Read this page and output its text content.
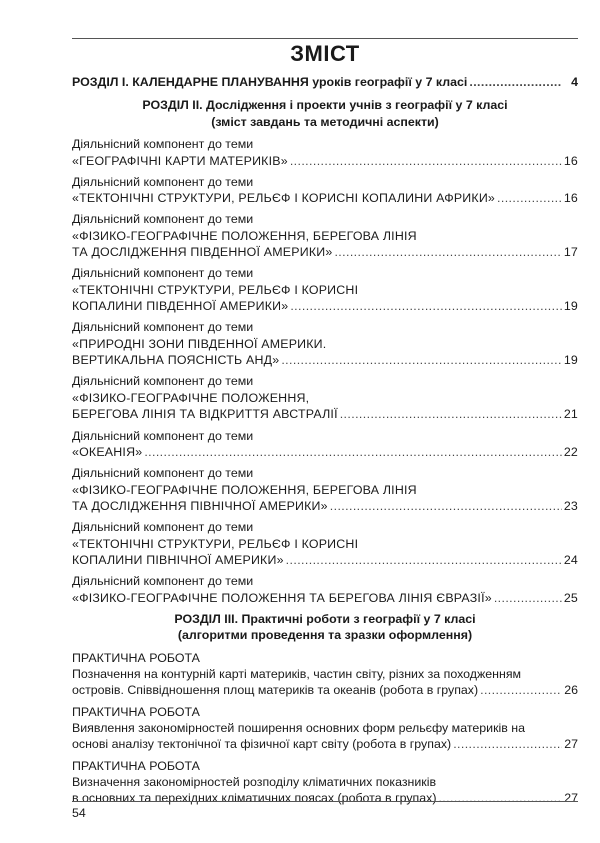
ЗМІСТ
РОЗДІЛ І. КАЛЕНДАРНЕ ПЛАНУВАННЯ уроків географії у 7 класі .....	4
РОЗДІЛ ІІ. Дослідження і проекти учнів з географії у 7 класі
(зміст завдань та методичні аспекти)
Діяльнісний компонент до теми
«ГЕОГРАФІЧНІ КАРТИ МАТЕРИКІВ» .....	16
Діяльнісний компонент до теми
«ТЕКТОНІЧНІ СТРУКТУРИ, РЕЛЬЄФ І КОРИСНІ КОПАЛИНИ АФРИКИ» .....	16
Діяльнісний компонент до теми
«ФІЗИКО-ГЕОГРАФІЧНЕ ПОЛОЖЕННЯ, БЕРЕГОВА ЛІНІЯ
ТА ДОСЛІДЖЕННЯ ПІВДЕННОЇ АМЕРИКИ» .....	17
Діяльнісний компонент до теми
«ТЕКТОНІЧНІ СТРУКТУРИ, РЕЛЬЄФ І КОРИСНІ
КОПАЛИНИ ПІВДЕННОЇ АМЕРИКИ» .....	19
Діяльнісний компонент до теми
«ПРИРОДНІ ЗОНИ ПІВДЕННОЇ АМЕРИКИ.
ВЕРТИКАЛЬНА ПОЯСНІСТЬ АНД» .....	19
Діяльнісний компонент до теми
«ФІЗИКО-ГЕОГРАФІЧНЕ ПОЛОЖЕННЯ,
БЕРЕГОВА ЛІНІЯ ТА ВІДКРИТТЯ АВСТРАЛІЇ .....	21
Діяльнісний компонент до теми
«ОКЕАНІЯ» .....	22
Діяльнісний компонент до теми
«ФІЗИКО-ГЕОГРАФІЧНЕ ПОЛОЖЕННЯ, БЕРЕГОВА ЛІНІЯ
ТА ДОСЛІДЖЕННЯ ПІВНІЧНОЇ АМЕРИКИ» .....	23
Діяльнісний компонент до теми
«ТЕКТОНІЧНІ СТРУКТУРИ, РЕЛЬЄФ І КОРИСНІ
КОПАЛИНИ ПІВНІЧНОЇ АМЕРИКИ» .....	24
Діяльнісний компонент до теми
«ФІЗИКО-ГЕОГРАФІЧНЕ ПОЛОЖЕННЯ ТА БЕРЕГОВА ЛІНІЯ ЄВРАЗІЇ» .....	25
РОЗДІЛ ІІІ. Практичні роботи з географії у 7 класі
(алгоритми проведення та зразки оформлення)
ПРАКТИЧНА РОБОТА
Позначення на контурній карті материків, частин світу, різних за походженням
островів. Співвідношення площ материків та океанів (робота в групах) .....	26
ПРАКТИЧНА РОБОТА
Виявлення закономірностей поширення основних форм рельєфу материків на
основі аналізу тектонічної та фізичної карт світу (робота в групах) .....	27
ПРАКТИЧНА РОБОТА
Визначення закономірностей розподілу кліматичних показників
в основних та перехідних кліматичних поясах (робота в групах) .....	27
54
